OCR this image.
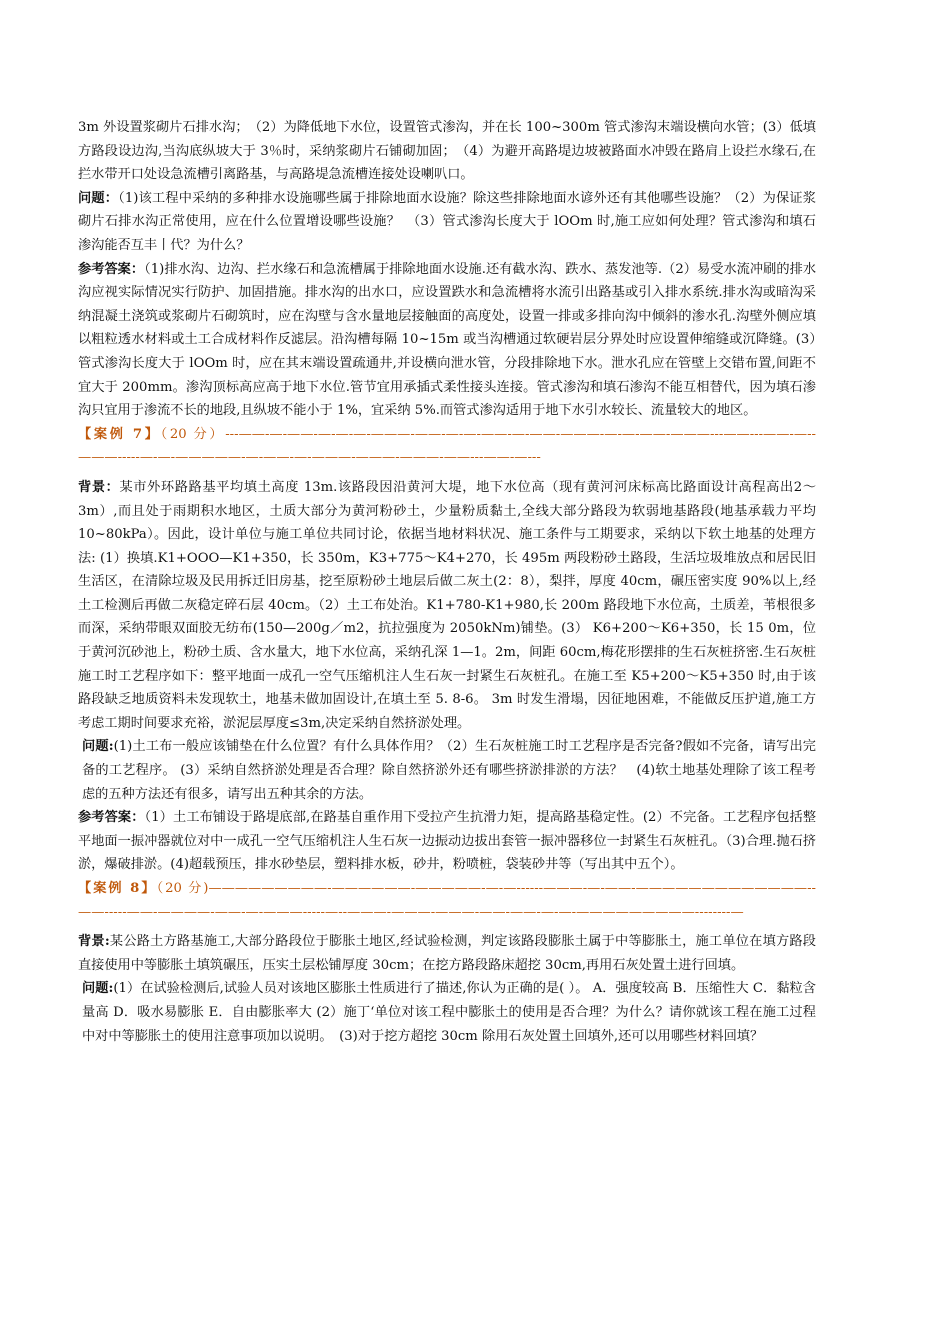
3m 外设置浆砌片石排水沟；　（2）为降低地下水位，设置管式渗沟，并在长 100~300m 管式渗沟末端设横向水管；(3）低填方路段设边沟,当沟底纵坡大于 3％时，采纳浆砌片石铺砌加固；　（4）为避开高路堤边坡被路面水冲毁在路肩上设拦水缘石,在拦水带开口处设急流槽引离路基，与高路堤急流槽连接处设喇叭口。

问题：（1)该工程中采纳的多种排水设施哪些属于排除地面水设施？除这些排除地面水谚外还有其他哪些设施？（2）为保证浆砌片石排水沟正常使用，应在什么位置增设哪些设施？　（3）管式渗沟长度大于 lOOm 时,施工应如何处理？管式渗沟和填石渗沟能否互丰丨代？为什么？

参考答案：（1)排水沟、边沟、拦水缘石和急流槽属于排除地面水设施.还有截水沟、跌水、蒸发池等.（2）易受水流冲刷的排水沟应视实际情况实行防护、加固措施。排水沟的出水口，应设置跌水和急流槽将水流引出路基或引入排水系统.排水沟或暗沟采纳混凝土浇筑或浆砌片石砌筑时，应在沟壁与含水量地层接触面的高度处，设置一排或多排向沟中倾斜的渗水孔.沟壁外侧应填以粗粒透水材料或土工合成材料作反滤层。沿沟槽每隔 10~15m 或当沟槽通过软硬岩层分界处时应设置伸缩缝或沉降缝。(3）管式渗沟长度大于 lOOm 时，应在其末端设置疏通井,并设横向泄水管，分段排除地下水。泄水孔应在管壁上交错布置,间距不宜大于 200mm。渗沟顶标高应高于地下水位.管节宜用承插式柔性接头连接。管式渗沟和填石渗沟不能互相替代，因为填石渗沟只宜用于渗流不长的地段,且纵坡不能小于 1%，宜采纳 5%.而管式渗沟适用于地下水引水较长、流量较大的地区。

【案例 7】（20 分）---——-—-——-—-—-—-———-——-—-—-——-—-——-———-—-—-——-———---——---——-—--———-----—-—-—————-—-——-—-———-———-———-——---——-—---

背景：某市外环路路基平均填土高度 13m.该路段因沿黄河大堤，地下水位高（现有黄河河床标高比路面设计高程高出2～3m）,而且处于雨期积水地区，土质大部分为黄河粉砂土，少量粉质黏土,全线大部分路段为软弱地基路段(地基承载力平均 10~80kPa）。因此，设计单位与施工单位共同讨论，依据当地材料状况、施工条件与工期要求，采纳以下软土地基的处理方法: (1）换填.K1+OOO—K1+350，长 350m，K3+775～K4+270，长 495m 两段粉砂土路段，生活垃圾堆放点和居民旧生活区，在清除垃圾及民用拆迁旧房基，挖至原粉砂土地层后做二灰土(2：8），梨拌，厚度 40cm，碾压密实度 90%以上,经土工检测后再做二灰稳定碎石层 40cm。（2）土工布处治。K1+780-K1+980,长 200m 路段地下水位高，土质差，苇根很多而深，采纳带眼双面胶无纺布(150—200g／m2，抗拉强度为 2050kNm)铺垫。(3） K6+200～K6+350，长 15 0m，位于黄河沉砂池上，粉砂土质、含水量大，地下水位高，采纳孔深 1—1。2m，间距 60cm,梅花形摆排的生石灰桩挤密.生石灰桩施工时工艺程序如下：整平地面一成孔一空气压缩机注人生石灰一封紧生石灰桩孔。在施工至 K5+200～K5+350 时,由于该路段缺乏地质资料未发现软土，地基未做加固设计,在填土至 5. 8-6。 3m 时发生滑塌，因征地困难，不能做反压护道,施工方考虑工期时间要求充裕，淤泥层厚度≤3m,决定采纳自然挤淤处理。

问题:(1)土工布一般应该铺垫在什么位置？有什么具体作用？（2）生石灰桩施工时工艺程序是否完备?假如不完备，请写出完备的工艺程序。 (3）采纳自然挤淤处理是否合理？除自然挤淤外还有哪些挤淤排淤的方法？　(4)软土地基处理除了该工程考虑的五种方法还有很多，请写出五种其余的方法。

参考答案：（1）土工布铺设于路堤底部,在路基自重作用下受拉产生抗滑力矩，提高路基稳定性。(2）不完备。工艺程序包括整平地面一振冲器就位对中一成孔一空气压缩机注人生石灰一边振动边拔出套管一振冲器移位一封紧生石灰桩孔。（3)合理.抛石挤淤，爆破排淤。(4)超载预压，排水砂垫层，塑料排水板，砂井，粉喷桩，袋装砂井等（写出其中五个）。

【案例 8】（20 分)—————————-——————-—————-—-—------———-—-——-—————————————--——-----——-————-——-—-———-----—--———-———-———-——-——-—-—-—————————--------—

背景:某公路土方路基施工,大部分路段位于膨胀土地区,经试验检测，判定该路段膨胀土属于中等膨胀土，施工单位在填方路段直接使用中等膨胀土填筑碾压，压实土层松铺厚度 30cm；在挖方路段路床超挖 30cm,再用石灰处置土进行回填。

问题:(1）在试验检测后,试验人员对该地区膨胀土性质进行了描述,你认为正确的是( ）。 A．强度较高 B．压缩性大 C．黏粒含量高 D．吸水易膨胀 E．自由膨胀率大 (2）施丁‘单位对该工程中膨胀土的使用是否合理？为什么？请你就该工程在施工过程中对中等膨胀土的使用注意事项加以说明。　(3)对于挖方超挖 30cm 除用石灰处置土回填外,还可以用哪些材料回填？
